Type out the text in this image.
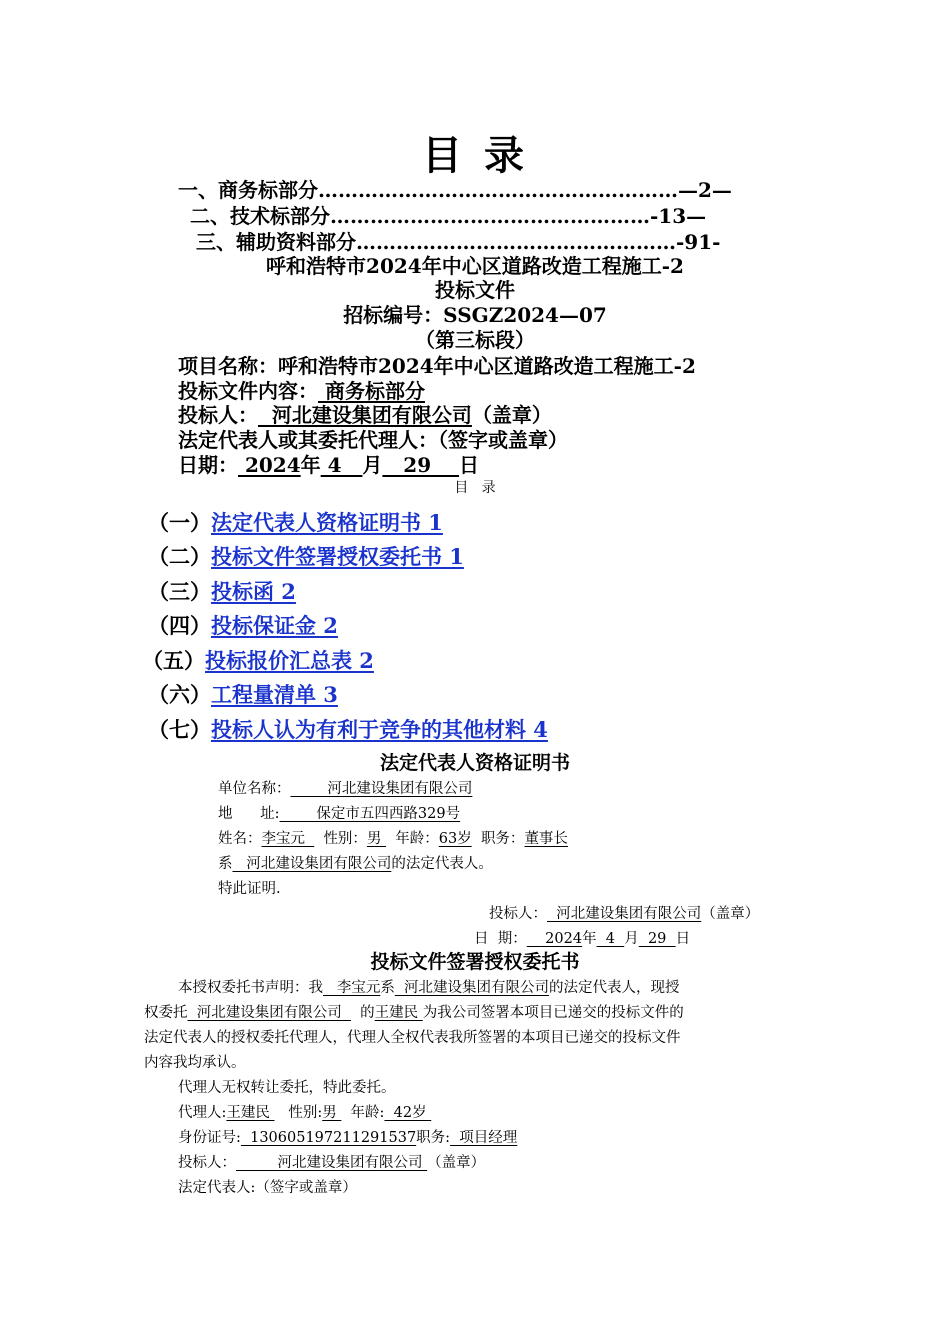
目 录
一、商务标部分………………………………………………—2—
二、技术标部分…………………………………………-13—
三、辅助资料部分…………………………………………-91-
呼和浩特市2024年中心区道路改造工程施工-2
投标文件
招标编号：SSGZ2024—07
（第三标段）
项目名称：呼和浩特市2024年中心区道路改造工程施工-2
投标文件内容： 商务标部分
投标人：  河北建设集团有限公司（盖章）
法定代表人或其委托代理人：（签字或盖章）
日期： 2024年 4   月   29    日
目   录
（一）法定代表人资格证明书 1
（二）投标文件签署授权委托书 1
（三）投标函 2
（四）投标保证金 2
（五）投标报价汇总表 2
（六）工程量清单 3
（七）投标人认为有利于竞争的其他材料 4
法定代表人资格证明书
单位名称：        河北建设集团有限公司
地      址:        保定市五四西路329号
姓名：李宝元    性别：男   年龄：63岁 职务：董事长
系   河北建设集团有限公司的法定代表人。
特此证明.
投标人：  河北建设集团有限公司（盖章）
日  期：    2024年  4  月  29  日
投标文件签署授权委托书
本授权委托书声明：我   李宝元系  河北建设集团有限公司的法定代表人，现授
权委托  河北建设集团有限公司    的王建民 为我公司签署本项目已递交的投标文件的
法定代表人的授权委托代理人，代理人全权代表我所签署的本项目已递交的投标文件
内容我均承认。
代理人无权转让委托，特此委托。
代理人:王建民    性别:男   年龄:  42岁
身份证号:  130605197211291537职务:  项目经理
投标人：         河北建设集团有限公司 （盖章）
法定代表人:（签字或盖章）
